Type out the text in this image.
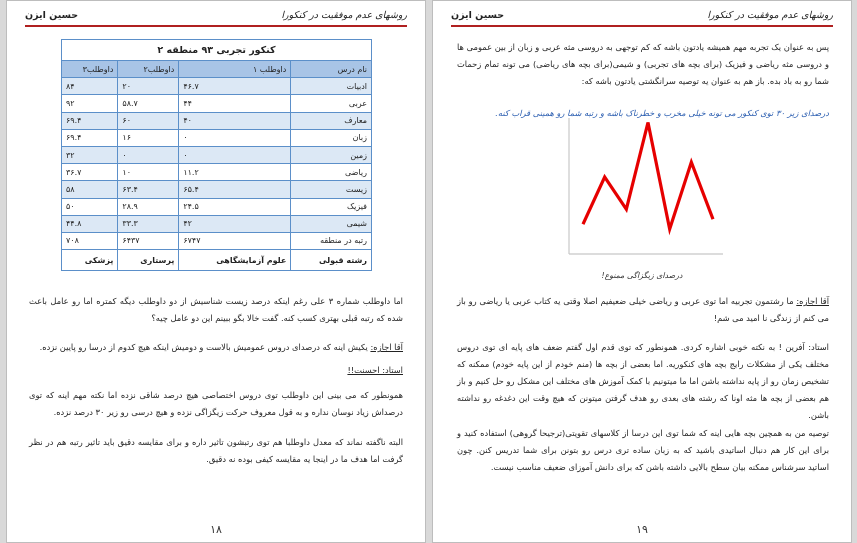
روشهای عدم موفقیت در کنکورا
حسین ایزن
کنکور تجربی ۹۳ منطقه ۲			
نام درس	داوطلب ۱	داوطلب۲	داوطلب۳
ادبیات	۴۶.۷	۲۰	۸۴
عربی	۴۴	۵۸.۷	۹۲
معارف	۴۰	۶۰	۶۹.۴
زبان	۰	۱۶	۶۹.۴
زمین	۰	۰	۳۲
ریاضی	۱۱.۲	۱۰	۳۶.۷
زیست	۶۵.۴	۶۳.۴	۵۸
فیزیک	۲۴.۵	۲۸.۹	۵۰
شیمی	۴۲	۳۳.۳	۴۴.۸
رتبه در منطقه	۶۷۴۷	۶۴۳۷	۷۰۸
رشته قبولی	علوم آزمایشگاهی	پرستاری	پزشکی
اما داوطلب شماره ۳ علی رغم اینکه درصد زیست شناسیش از دو داوطلب دیگه کمتره اما رو عامل باعث شده که رتبه قبلی بهتری کسب کنه. گفت خالا بگو ببینم این دو عامل چیه؟
آقا اجازه: یکیش اینه که درصدای دروس عمومیش بالاست و دومیش اینکه هیچ کدوم از درسا رو پایین نزده.
استاد: احسنت!!
همونطور که می بینی این داوطلب توی دروس اختصاصی هیچ درصد شاقی نزده اما نکته مهم اینه که توی درصداش زیاد نوسان نداره و به قول معروف حرکت زیگزاگی نزده و هیچ درسی رو زیر ۳۰ درصد نزده.
البته ناگفته نماند که معدل داوطلبا هم توی رتبشون تاثیر داره و برای مقایسه دقیق باید تاثیر رتبه هم در نظر گرفت اما هدف ما در اینجا یه مقایسه کیفی بوده نه دقیق.
۱۸
روشهای عدم موفقیت در کنکورا
حسین ایزن
پس به عنوان یک تجربه مهم همیشه یادتون باشه که کم توجهی به دروسی مثه عربی و زبان از بین عمومی ها و دروسی مثه ریاضی و فیزیک (برای بچه های تجربی) و شیمی(برای بچه های ریاضی) می تونه تمام زحمات شما رو به باد بده. باز هم به عنوان یه توصیه سرانگشتی یادتون باشه که:
درصدای زیر ۳۰ توی کنکور می تونه خیلی مخرب و خطرناک باشه و رتبه شما رو همینی قراب کنه.
درصدای زیگزاگی ممنوع!
آقا اجازه: ما رشتمون تجربیه اما توی عربی و ریاضی خیلی ضعیفیم اصلا وقتی یه کتاب عربی یا ریاضی رو باز می کنم از زندگی نا امید می شم!
استاد: آفرین ! به نکته خوبی اشاره کردی. همونطور که توی قدم اول گفتم ضعف های پایه ای توی دروس مختلف یکی از مشکلات رایج بچه های کنکوریه. اما بعضی از بچه ها (منم خودم از این پایه خودم) ممکنه که تشخیص زمان رو از پایه نداشته باشن اما ما میتونیم با کمک آموزش های مختلف این مشکل رو حل کنیم و باز هم بعضی از بچه ها مثه اونا که رشته های بعدی رو هدف گرفتن میتونن که هیچ وقت این دغدغه رو نداشته باشن.
توصیه من به همچین بچه هایی اینه که شما توی این درسا از کلاسهای تقویتی(ترجیحا گروهی) استفاده کنید و برای این کار هم دنبال اساتیدی باشید که به زبان ساده تری درس رو بتونن برای شما تدریس کنن. چون اساتید سرشناس ممکنه بیان سطح بالایی داشته باشن که برای دانش آموزای ضعیف مناسب نیست.
۱۹
